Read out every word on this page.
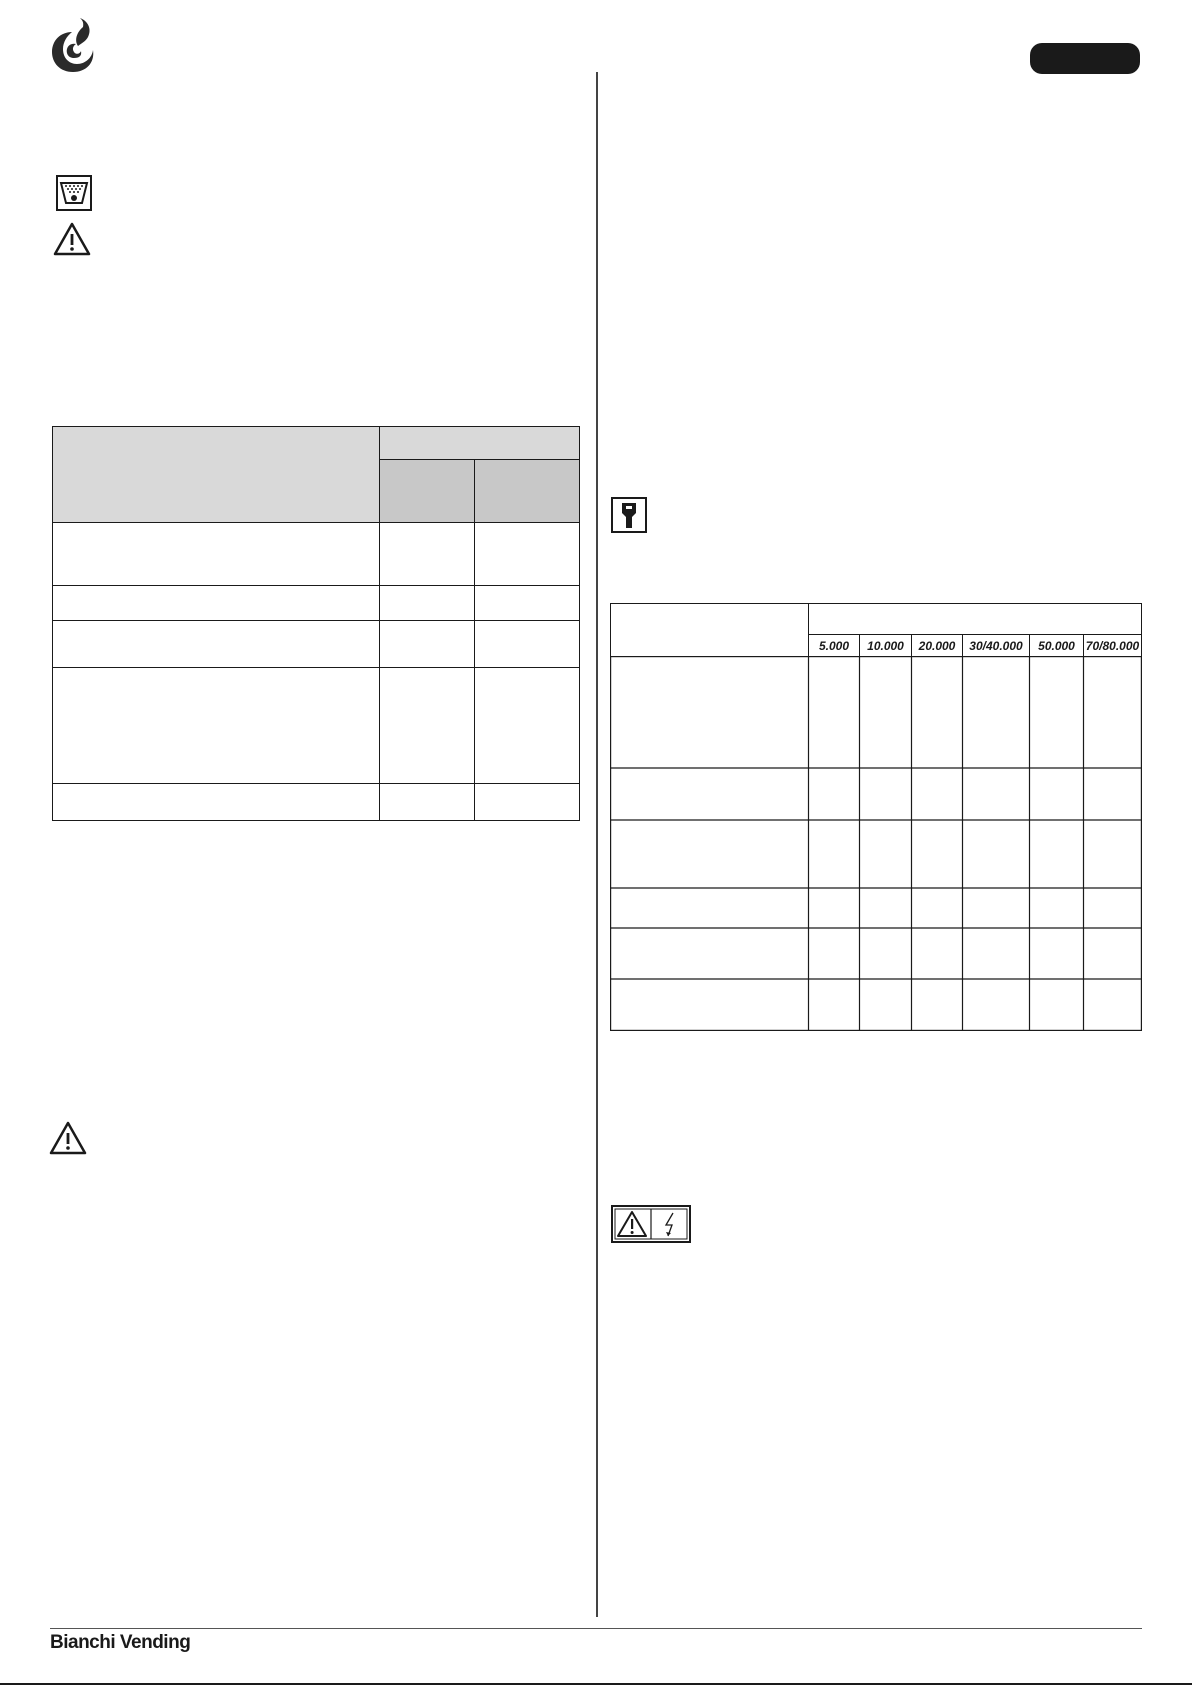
5.000	10.000	20.000	30/40.000	50.000 70/80.000
Bianchi Vending
